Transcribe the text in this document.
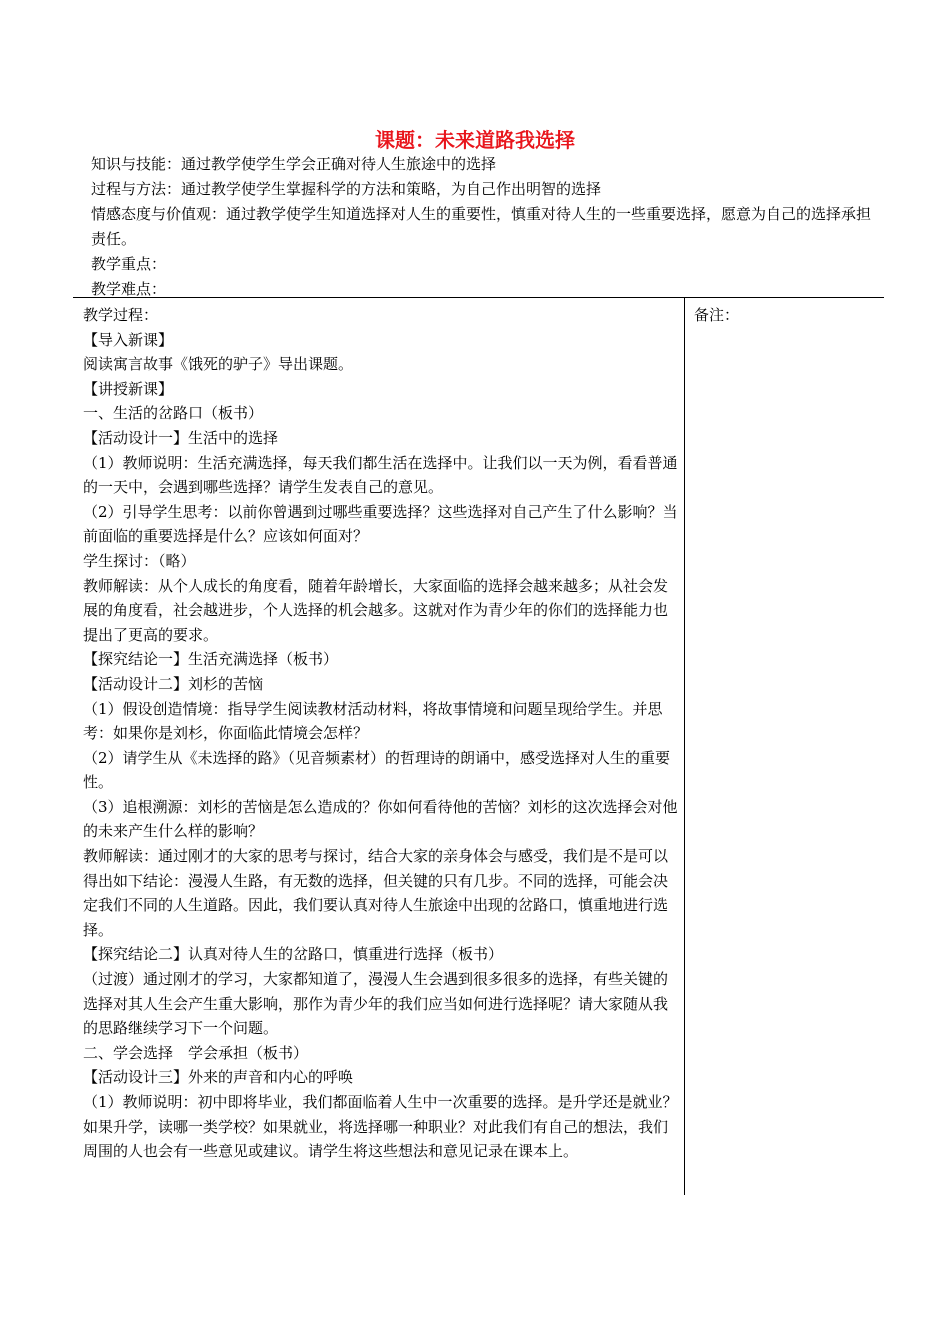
课题：未来道路我选择
知识与技能：通过教学使学生学会正确对待人生旅途中的选择
过程与方法：通过教学使学生掌握科学的方法和策略，为自己作出明智的选择
情感态度与价值观：通过教学使学生知道选择对人生的重要性，慎重对待人生的一些重要选择，愿意为自己的选择承担责任。
教学重点：
教学难点：

教学过程：

【导入新课】

阅读寓言故事《饿死的驴子》导出课题。

【讲授新课】

一、生活的岔路口（板书）

【活动设计一】生活中的选择

（1）教师说明：生活充满选择，每天我们都生活在选择中。让我们以一天为例，看看普通的一天中，会遇到哪些选择？请学生发表自己的意见。

（2）引导学生思考：以前你曾遇到过哪些重要选择？这些选择对自己产生了什么影响？当前面临的重要选择是什么？应该如何面对？

学生探讨：（略）

教师解读：从个人成长的角度看，随着年龄增长，大家面临的选择会越来越多；从社会发展的角度看，社会越进步，个人选择的机会越多。这就对作为青少年的你们的选择能力也提出了更高的要求。

【探究结论一】生活充满选择（板书）

【活动设计二】刘杉的苦恼

（1）假设创造情境：指导学生阅读教材活动材料，将故事情境和问题呈现给学生。并思考：如果你是刘杉，你面临此情境会怎样？

（2）请学生从《未选择的路》（见音频素材）的哲理诗的朗诵中，感受选择对人生的重要性。

（3）追根溯源：刘杉的苦恼是怎么造成的？你如何看待他的苦恼？刘杉的这次选择会对他的未来产生什么样的影响？

教师解读：通过刚才的大家的思考与探讨，结合大家的亲身体会与感受，我们是不是可以得出如下结论：漫漫人生路，有无数的选择，但关键的只有几步。不同的选择，可能会决定我们不同的人生道路。因此，我们要认真对待人生旅途中出现的岔路口，慎重地进行选择。

【探究结论二】认真对待人生的岔路口，慎重进行选择（板书）

（过渡）通过刚才的学习，大家都知道了，漫漫人生会遇到很多很多的选择，有些关键的选择对其人生会产生重大影响，那作为青少年的我们应当如何进行选择呢？请大家随从我的思路继续学习下一个问题。

二、学会选择　学会承担（板书）

【活动设计三】外来的声音和内心的呼唤

（1）教师说明：初中即将毕业，我们都面临着人生中一次重要的选择。是升学还是就业？如果升学，读哪一类学校？如果就业，将选择哪一种职业？对此我们有自己的想法，我们周围的人也会有一些意见或建议。请学生将这些想法和意见记录在课本上。

备注：
